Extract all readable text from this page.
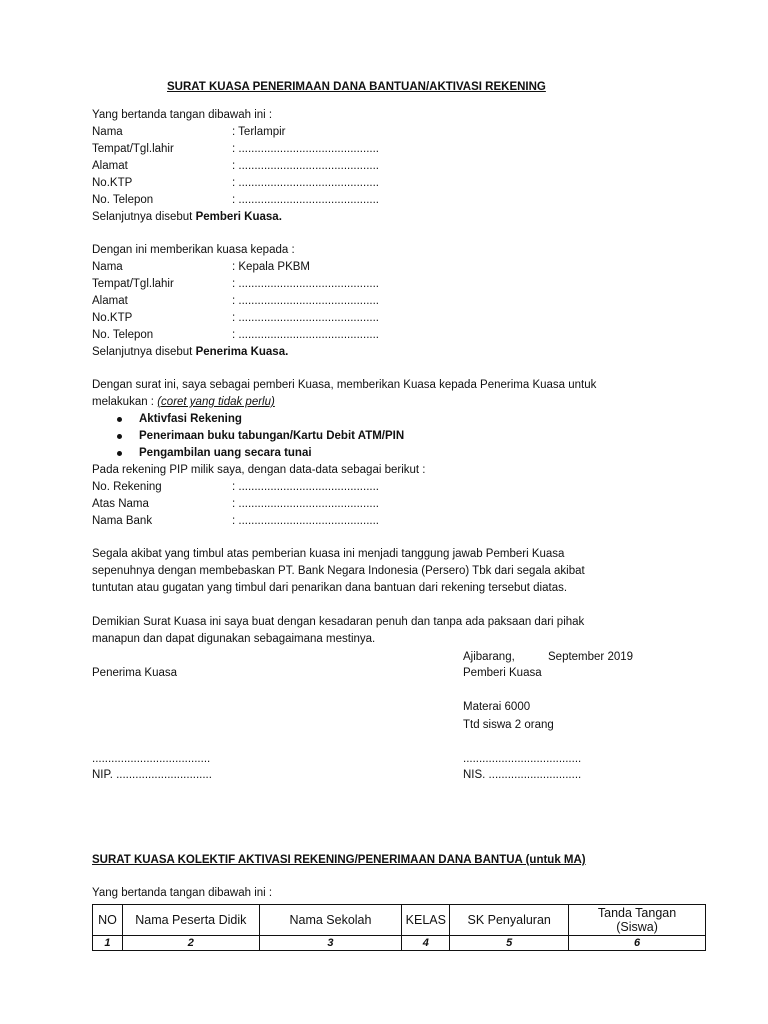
SURAT KUASA PENERIMAAN DANA BANTUAN/AKTIVASI REKENING
Yang bertanda tangan dibawah ini :
Nama	: Terlampir
Tempat/Tgl.lahir	: ............................................
Alamat	: ............................................
No.KTP	: ............................................
No. Telepon	: ............................................
Selanjutnya disebut Pemberi Kuasa.
Dengan ini memberikan kuasa kepada :
Nama	: Kepala PKBM
Tempat/Tgl.lahir	: ............................................
Alamat	: ............................................
No.KTP	: ............................................
No. Telepon	: ............................................
Selanjutnya disebut Penerima Kuasa.
Dengan surat ini, saya sebagai pemberi Kuasa, memberikan Kuasa kepada Penerima Kuasa untuk
melakukan : (coret yang tidak perlu)
Aktivfasi Rekening
Penerimaan buku tabungan/Kartu Debit ATM/PIN
Pengambilan uang secara tunai
Pada rekening PIP milik saya, dengan data-data sebagai berikut :
No. Rekening	: ............................................
Atas Nama	: ............................................
Nama Bank	: ............................................
Segala akibat yang timbul atas pemberian kuasa ini menjadi tanggung jawab Pemberi Kuasa
sepenuhnya dengan membebaskan PT. Bank Negara Indonesia (Persero) Tbk dari segala akibat
tuntutan atau gugatan yang timbul dari penarikan dana bantuan dari rekening tersebut diatas.
Demikian Surat Kuasa ini saya buat dengan kesadaran penuh dan tanpa ada paksaan dari pihak
manapun dan dapat digunakan sebagaimana mestinya.
Ajibarang,	September 2019
Penerima Kuasa	Pemberi Kuasa
Materai 6000
Ttd siswa 2 orang
.....................................	.....................................
NIP. ..............................	NIS. .............................
SURAT KUASA KOLEKTIF AKTIVASI REKENING/PENERIMAAN DANA BANTUA (untuk MA)
Yang bertanda tangan dibawah ini :
NO	Nama Peserta Didik	Nama Sekolah	KELAS	SK Penyaluran	Tanda Tangan (Siswa)
1	2	3	4	5	6
